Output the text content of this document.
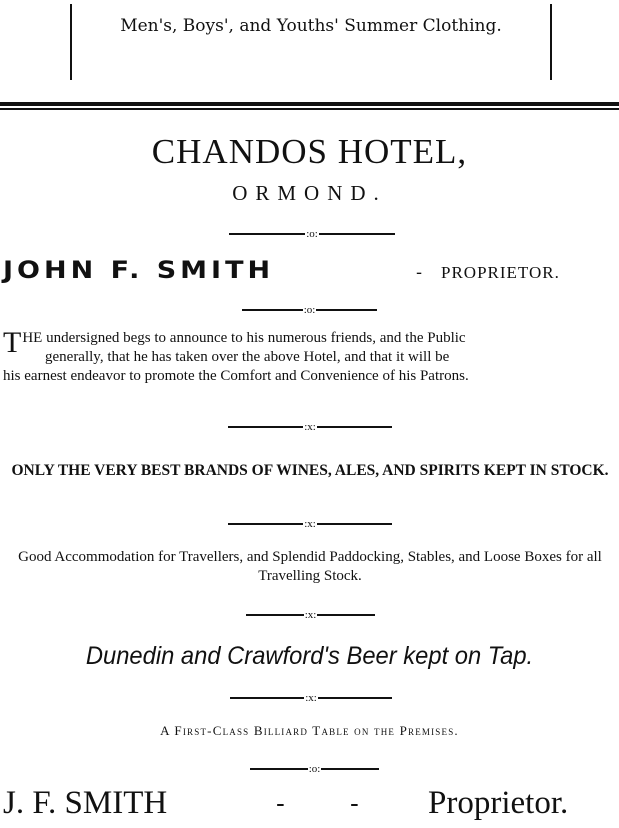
Men's, Boys', and Youths' Summer Clothing.
CHANDOS HOTEL,
ORMOND.
:o:
JOHN F. SMITH	- PROPRIETOR.
:o:
T HE undersigned begs to announce to his numerous friends, and the Public

generally, that he has taken over the above Hotel, and that it will be

his earnest endeavor to promote the Comfort and Convenience of his Patrons.

:x:
ONLY THE VERY BEST BRANDS OF WINES, ALES, AND SPIRITS KEPT IN STOCK.
:x:
Good Accommodation for Travellers, and Splendid Paddocking, Stables, and Loose Boxes for all Travelling Stock.
:x:
Dunedin and Crawford's Beer kept on Tap.
:x:
A First-Class Billiard Table on the Premises.
:o:
J. F. SMITH	-	- Proprietor.
